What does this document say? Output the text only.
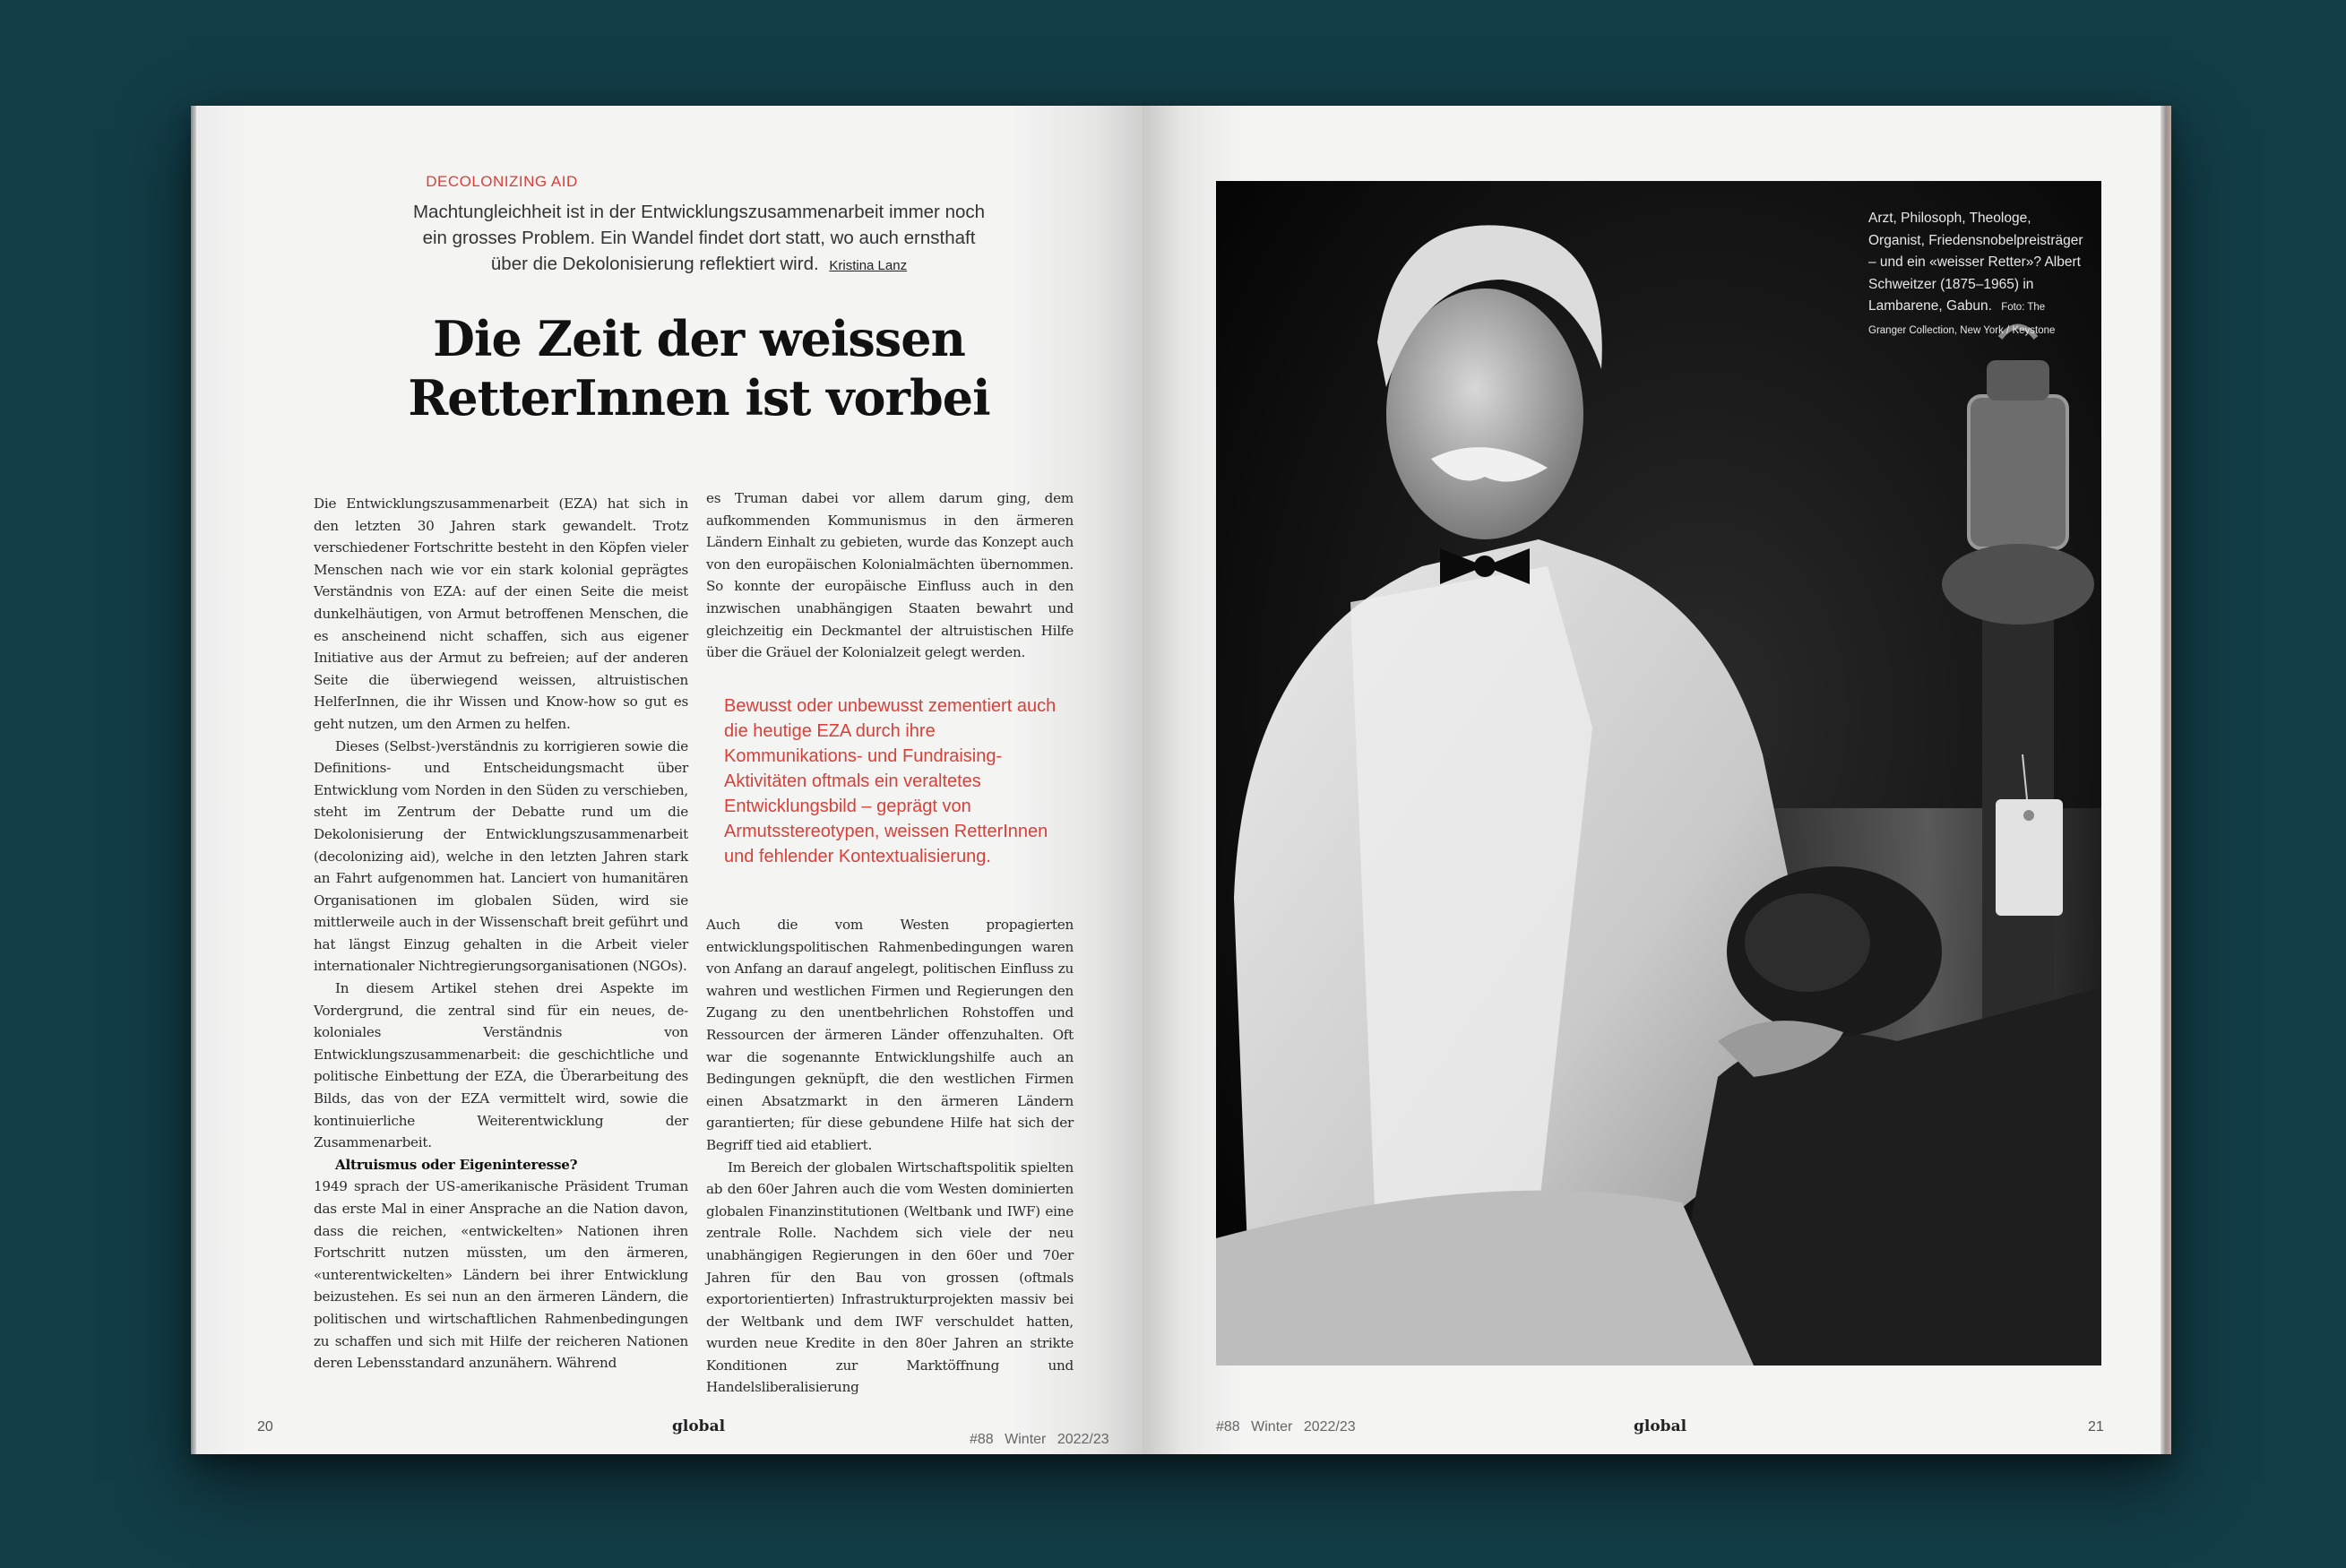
DECOLONIZING AID
Machtungleichheit ist in der Entwicklungszusammenarbeit immer noch ein grosses Problem. Ein Wandel findet dort statt, wo auch ernsthaft über die Dekolonisierung reflektiert wird. Kristina Lanz
Die Zeit der weissen
RetterInnen ist vorbei

Die Entwicklungszusammenarbeit (EZA) hat sich in den letzten 30 Jahren stark gewandelt. Trotz verschiedener Fortschritte besteht in den Köpfen vieler Menschen nach wie vor ein stark kolonial geprägtes Verständnis von EZA: auf der einen Seite die meist dunkelhäutigen, von Armut betroffenen Menschen, die es anscheinend nicht schaffen, sich aus eigener Initiative aus der Armut zu befreien; auf der anderen Seite die überwiegend weissen, altruistischen HelferInnen, die ihr Wissen und Know-how so gut es geht nutzen, um den Armen zu helfen.

Dieses (Selbst-)verständnis zu korrigieren sowie die Definitions- und Entscheidungsmacht über Entwicklung vom Norden in den Süden zu verschieben, steht im Zentrum der Debatte rund um die Dekolonisierung der Entwicklungszusammenarbeit (decolonizing aid), welche in den letzten Jahren stark an Fahrt aufgenommen hat. Lanciert von humanitären Organisationen im globalen Süden, wird sie mittlerweile auch in der Wissenschaft breit geführt und hat längst Einzug gehalten in die Arbeit vieler internationaler Nichtregierungsorganisationen (NGOs).

In diesem Artikel stehen drei Aspekte im Vordergrund, die zentral sind für ein neues, de-koloniales Verständnis von Entwicklungszusammenarbeit: die geschichtliche und politische Einbettung der EZA, die Überarbeitung des Bilds, das von der EZA vermittelt wird, sowie die kontinuierliche Weiterentwicklung der Zusammenarbeit.

Altruismus oder Eigeninteresse?

1949 sprach der US-amerikanische Präsident Truman das erste Mal in einer Ansprache an die Nation davon, dass die reichen, «entwickelten» Nationen ihren Fortschritt nutzen müssten, um den ärmeren, «unterentwickelten» Ländern bei ihrer Entwicklung beizustehen. Es sei nun an den ärmeren Ländern, die politischen und wirtschaftlichen Rahmenbedingungen zu schaffen und sich mit Hilfe der reicheren Nationen deren Lebensstandard anzunähern. Während

es Truman dabei vor allem darum ging, dem aufkommenden Kommunismus in den ärmeren Ländern Einhalt zu gebieten, wurde das Konzept auch von den europäischen Kolonialmächten übernommen. So konnte der europäische Einfluss auch in den inzwischen unabhängigen Staaten bewahrt und gleichzeitig ein Deckmantel der altruistischen Hilfe über die Gräuel der Kolonialzeit gelegt werden.

Bewusst oder unbewusst zementiert auch die heutige EZA durch ihre Kommunikations- und Fundraising-Aktivitäten oftmals ein veraltetes Entwicklungsbild – geprägt von Armutsstereotypen, weissen RetterInnen und fehlender Kontextualisierung.

Auch die vom Westen propagierten entwicklungspolitischen Rahmenbedingungen waren von Anfang an darauf angelegt, politischen Einfluss zu wahren und westlichen Firmen und Regierungen den Zugang zu den unentbehrlichen Rohstoffen und Ressourcen der ärmeren Länder offenzuhalten. Oft war die sogenannte Entwicklungshilfe auch an Bedingungen geknüpft, die den westlichen Firmen einen Absatzmarkt in den ärmeren Ländern garantierten; für diese gebundene Hilfe hat sich der Begriff tied aid etabliert.

Im Bereich der globalen Wirtschaftspolitik spielten ab den 60er Jahren auch die vom Westen dominierten globalen Finanzinstitutionen (Weltbank und IWF) eine zentrale Rolle. Nachdem sich viele der neu unabhängigen Regierungen in den 60er und 70er Jahren für den Bau von grossen (oftmals exportorientierten) Infrastrukturprojekten massiv bei der Weltbank und dem IWF verschuldet hatten, wurden neue Kredite in den 80er Jahren an strikte Konditionen zur Marktöffnung und Handelsliberalisierung

20	global
#88 Winter 2022/23
Arzt, Philosoph, Theologe, Organist, Friedensnobelpreisträger – und ein «weisser Retter»? Albert Schweitzer (1875–1965) in Lambarene, Gabun. Foto: The Granger Collection, New York / Keystone
#88 Winter 2022/23	global	21
